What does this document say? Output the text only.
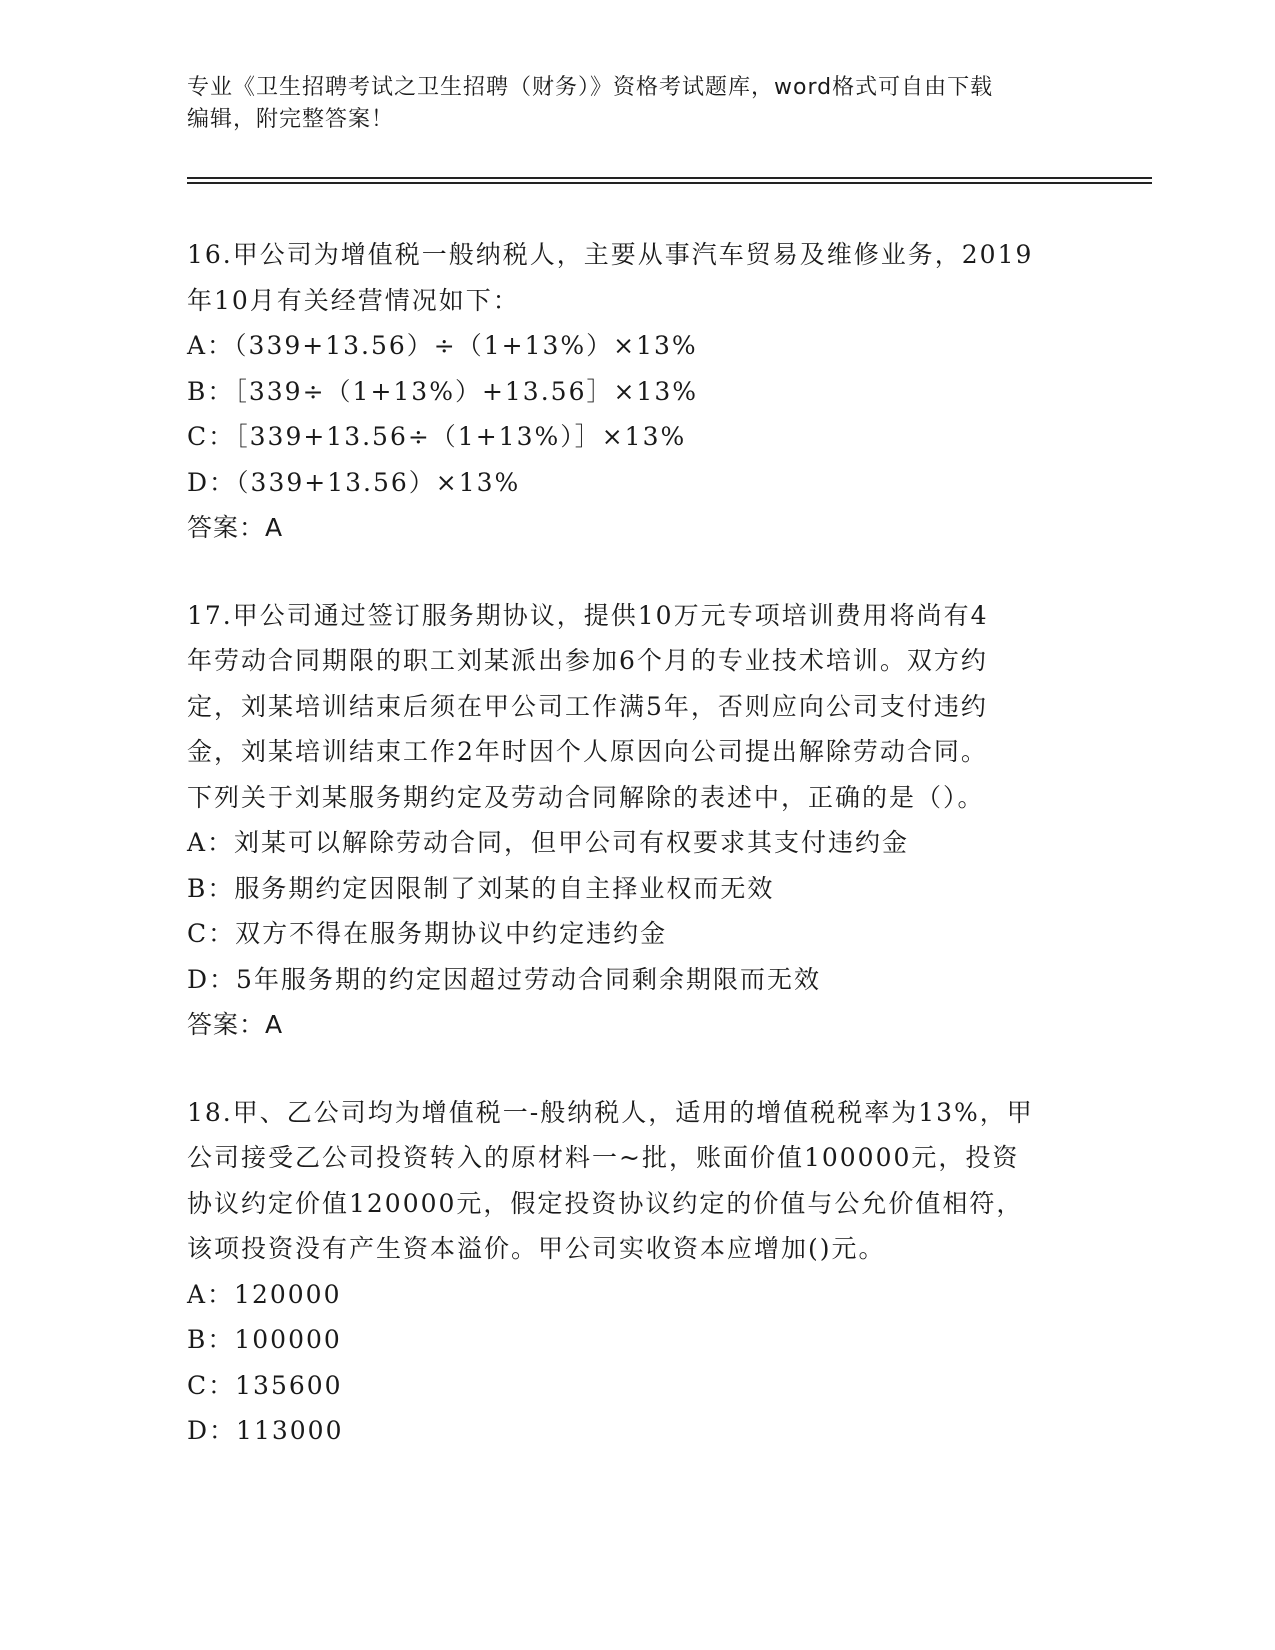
专业《卫生招聘考试之卫生招聘（财务）》资格考试题库，word格式可自由下载
编辑，附完整答案！
16.甲公司为增值税一般纳税人，主要从事汽车贸易及维修业务，2019
年10月有关经营情况如下：
A：（339+13.56）÷（1+13%）×13%
B：［339÷（1+13%）+13.56］×13%
C：［339+13.56÷（1+13%）］×13%
D：（339+13.56）×13%
答案：A
17.甲公司通过签订服务期协议，提供10万元专项培训费用将尚有4
年劳动合同期限的职工刘某派出参加6个月的专业技术培训。双方约
定，刘某培训结束后须在甲公司工作满5年，否则应向公司支付违约
金，刘某培训结束工作2年时因个人原因向公司提出解除劳动合同。
下列关于刘某服务期约定及劳动合同解除的表述中，正确的是（）。
A：刘某可以解除劳动合同，但甲公司有权要求其支付违约金
B：服务期约定因限制了刘某的自主择业权而无效
C：双方不得在服务期协议中约定违约金
D：5年服务期的约定因超过劳动合同剩余期限而无效
答案：A
18.甲、乙公司均为增值税一-般纳税人，适用的增值税税率为13%，甲
公司接受乙公司投资转入的原材料一~批，账面价值100000元，投资
协议约定价值120000元，假定投资协议约定的价值与公允价值相符，
该项投资没有产生资本溢价。甲公司实收资本应增加()元。
A：120000
B：100000
C：135600
D：113000
